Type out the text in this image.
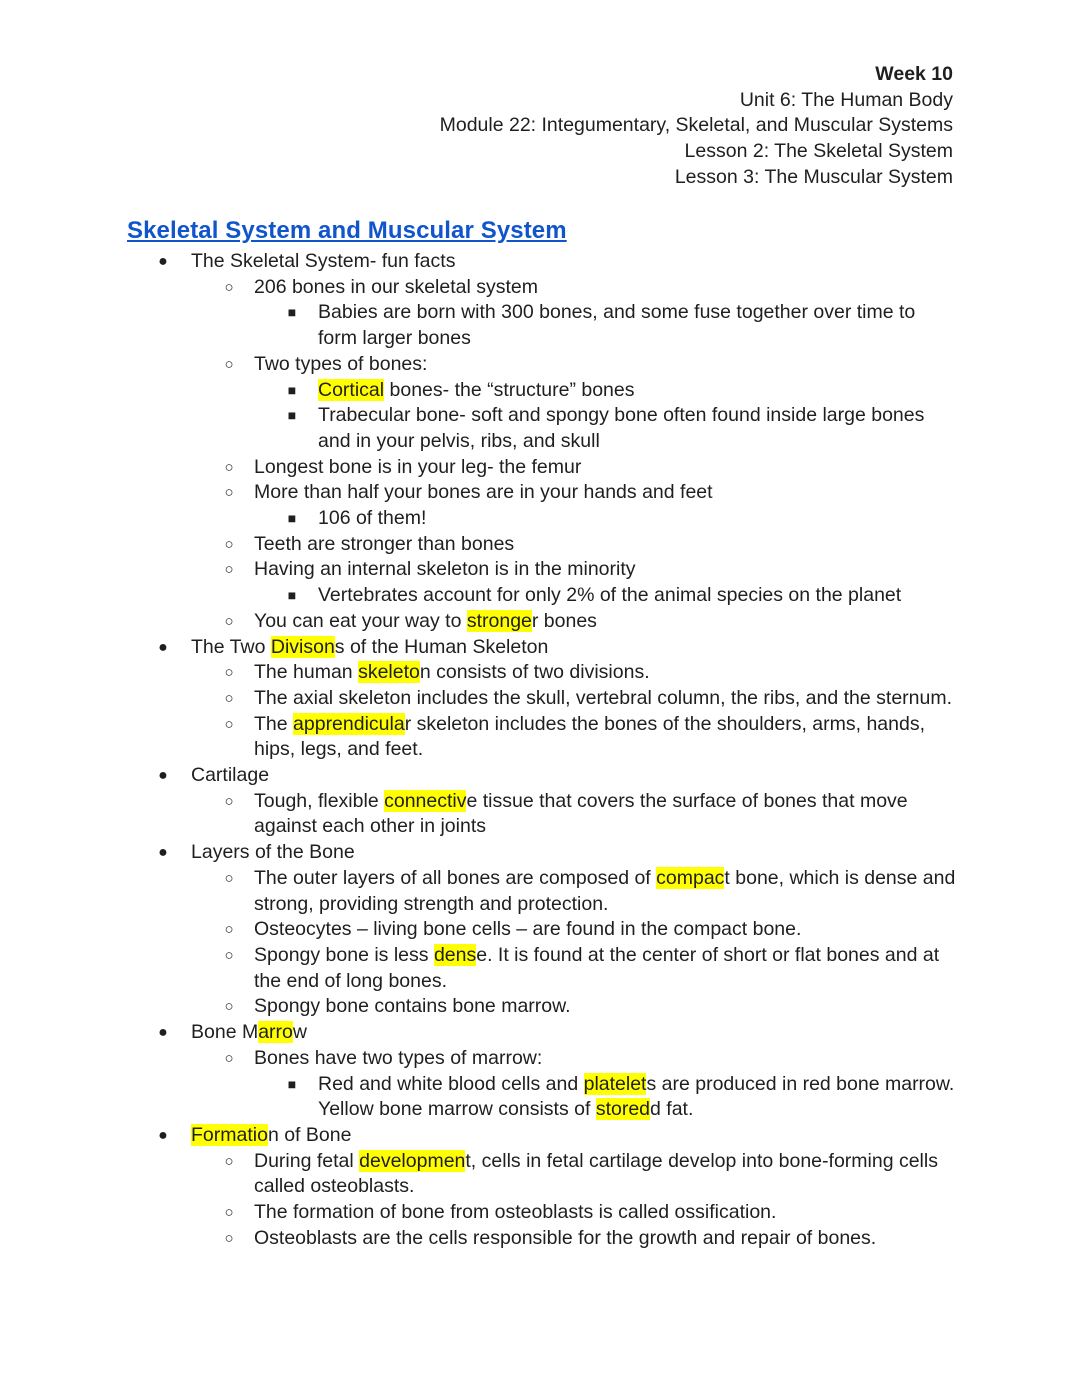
Week 10
Unit 6: The Human Body
Module 22: Integumentary, Skeletal, and Muscular Systems
Lesson 2: The Skeletal System
Lesson 3: The Muscular System
Skeletal System and Muscular System
● The Skeletal System- fun facts
○ 206 bones in our skeletal system
■ Babies are born with 300 bones, and some fuse together over time to
form larger bones
○ Two types of bones:
■ Cortical bones- the “structure” bones
■ Trabecular bone- soft and spongy bone often found inside large bones
and in your pelvis, ribs, and skull
○ Longest bone is in your leg- the femur
○ More than half your bones are in your hands and feet
■ 106 of them!
○ Teeth are stronger than bones
○ Having an internal skeleton is in the minority
■ Vertebrates account for only 2% of the animal species on the planet
○ You can eat your way to stronger bones
● The Two Divisons of the Human Skeleton
○ The human skeleton consists of two divisions.
○ The axial skeleton includes the skull, vertebral column, the ribs, and the sternum.
○ The apprendicular skeleton includes the bones of the shoulders, arms, hands,
hips, legs, and feet.
● Cartilage
○ Tough, flexible connective tissue that covers the surface of bones that move
against each other in joints
● Layers of the Bone
○ The outer layers of all bones are composed of compact bone, which is dense and
strong, providing strength and protection.
○ Osteocytes – living bone cells – are found in the compact bone.
○ Spongy bone is less dense. It is found at the center of short or flat bones and at
the end of long bones.
○ Spongy bone contains bone marrow.
● Bone Marrow
○ Bones have two types of marrow:
■ Red and white blood cells and platelets are produced in red bone marrow.
Yellow bone marrow consists of storedd fat.
● Formation of Bone
○ During fetal development, cells in fetal cartilage develop into bone-forming cells
called osteoblasts.
○ The formation of bone from osteoblasts is called ossification.
○ Osteoblasts are the cells responsible for the growth and repair of bones.
